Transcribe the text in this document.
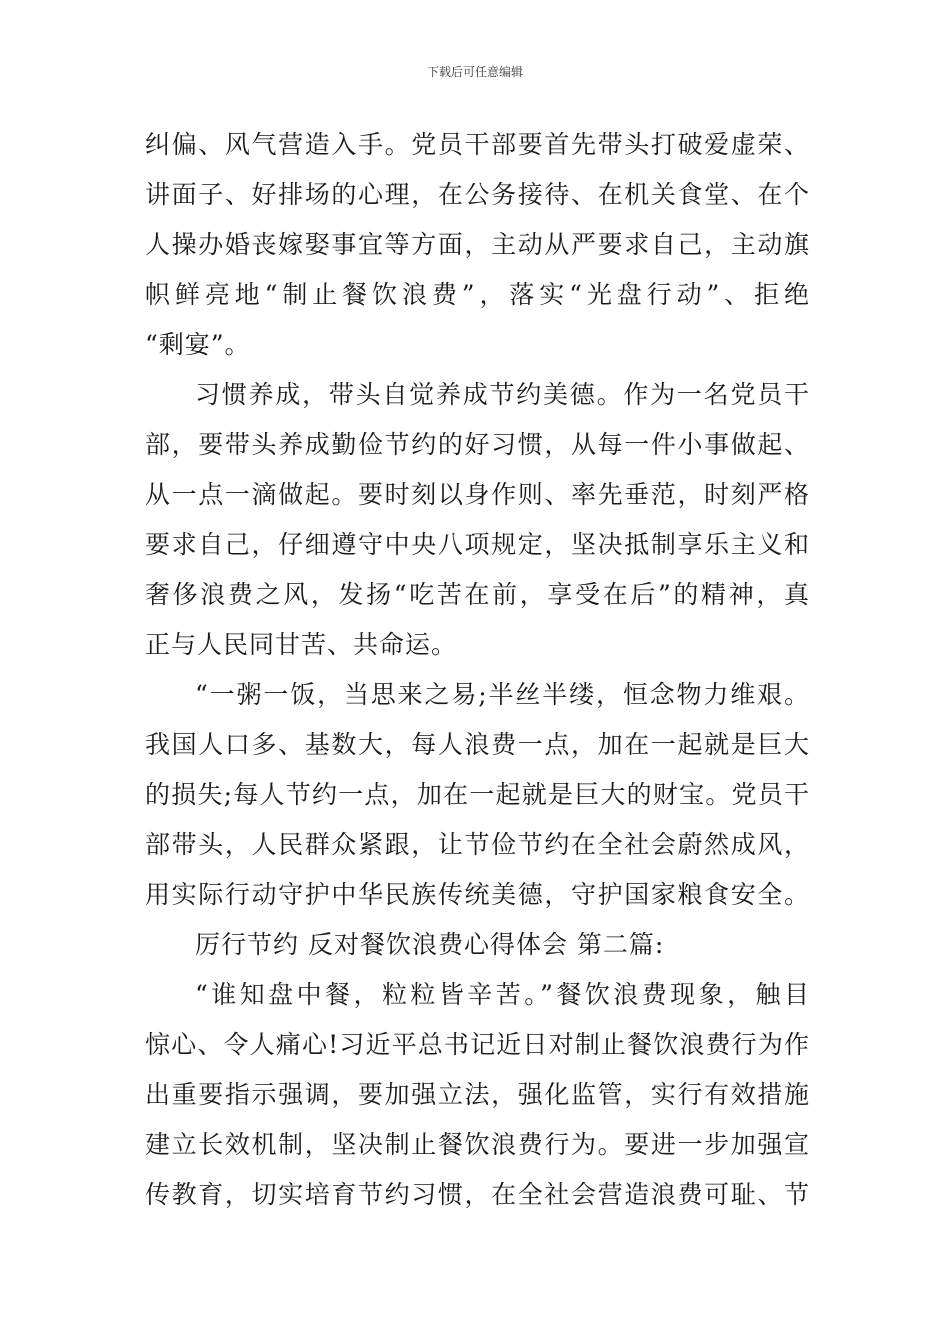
下载后可任意编辑
纠偏、风气营造入手。党员干部要首先带头打破爱虚荣、
讲面子、好排场的心理，在公务接待、在机关食堂、在个
人操办婚丧嫁娶事宜等方面，主动从严要求自己，主动旗
帜鲜亮地“制止餐饮浪费”，落实“光盘行动”、拒绝
“剩宴”。
习惯养成，带头自觉养成节约美德。作为一名党员干
部，要带头养成勤俭节约的好习惯，从每一件小事做起、
从一点一滴做起。要时刻以身作则、率先垂范，时刻严格
要求自己，仔细遵守中央八项规定，坚决抵制享乐主义和
奢侈浪费之风，发扬“吃苦在前，享受在后”的精神，真
正与人民同甘苦、共命运。
“一粥一饭，当思来之易;半丝半缕，恒念物力维艰。
我国人口多、基数大，每人浪费一点，加在一起就是巨大
的损失;每人节约一点，加在一起就是巨大的财宝。党员干
部带头，人民群众紧跟，让节俭节约在全社会蔚然成风，
用实际行动守护中华民族传统美德，守护国家粮食安全。
厉行节约 反对餐饮浪费心得体会 第二篇:
“谁知盘中餐，粒粒皆辛苦。”餐饮浪费现象，触目
惊心、令人痛心!习近平总书记近日对制止餐饮浪费行为作
出重要指示强调，要加强立法，强化监管，实行有效措施
建立长效机制，坚决制止餐饮浪费行为。要进一步加强宣
传教育，切实培育节约习惯，在全社会营造浪费可耻、节
